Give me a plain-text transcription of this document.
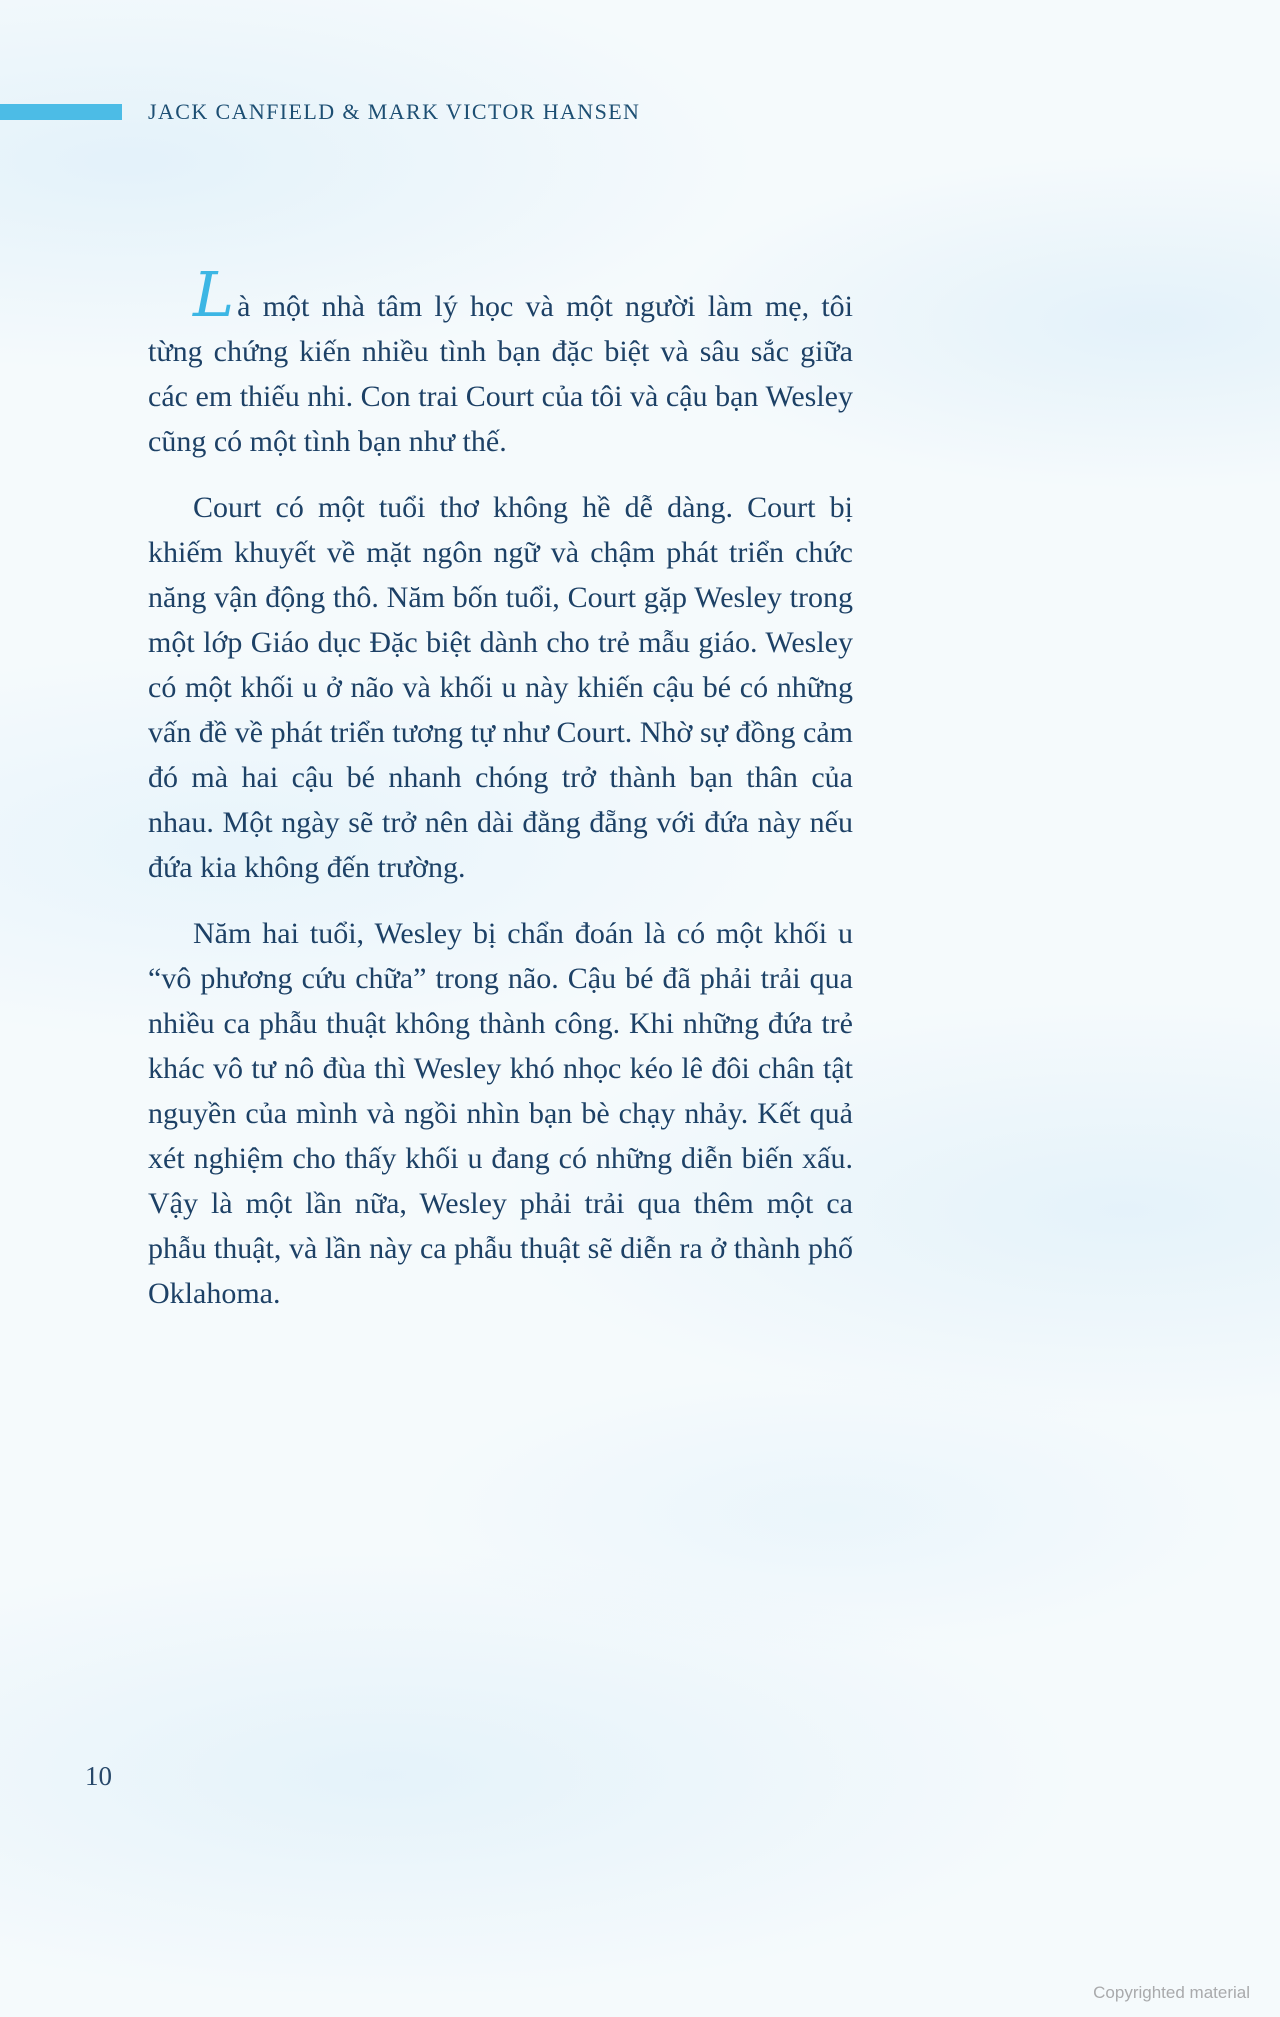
JACK CANFIELD & MARK VICTOR HANSEN

Là một nhà tâm lý học và một người làm mẹ, tôi từng chứng kiến nhiều tình bạn đặc biệt và sâu sắc giữa các em thiếu nhi. Con trai Court của tôi và cậu bạn Wesley cũng có một tình bạn như thế.

Court có một tuổi thơ không hề dễ dàng. Court bị khiếm khuyết về mặt ngôn ngữ và chậm phát triển chức năng vận động thô. Năm bốn tuổi, Court gặp Wesley trong một lớp Giáo dục Đặc biệt dành cho trẻ mẫu giáo. Wesley có một khối u ở não và khối u này khiến cậu bé có những vấn đề về phát triển tương tự như Court. Nhờ sự đồng cảm đó mà hai cậu bé nhanh chóng trở thành bạn thân của nhau. Một ngày sẽ trở nên dài đằng đẵng với đứa này nếu đứa kia không đến trường.

Năm hai tuổi, Wesley bị chẩn đoán là có một khối u “vô phương cứu chữa” trong não. Cậu bé đã phải trải qua nhiều ca phẫu thuật không thành công. Khi những đứa trẻ khác vô tư nô đùa thì Wesley khó nhọc kéo lê đôi chân tật nguyền của mình và ngồi nhìn bạn bè chạy nhảy. Kết quả xét nghiệm cho thấy khối u đang có những diễn biến xấu. Vậy là một lần nữa, Wesley phải trải qua thêm một ca phẫu thuật, và lần này ca phẫu thuật sẽ diễn ra ở thành phố Oklahoma.

10
Copyrighted material
